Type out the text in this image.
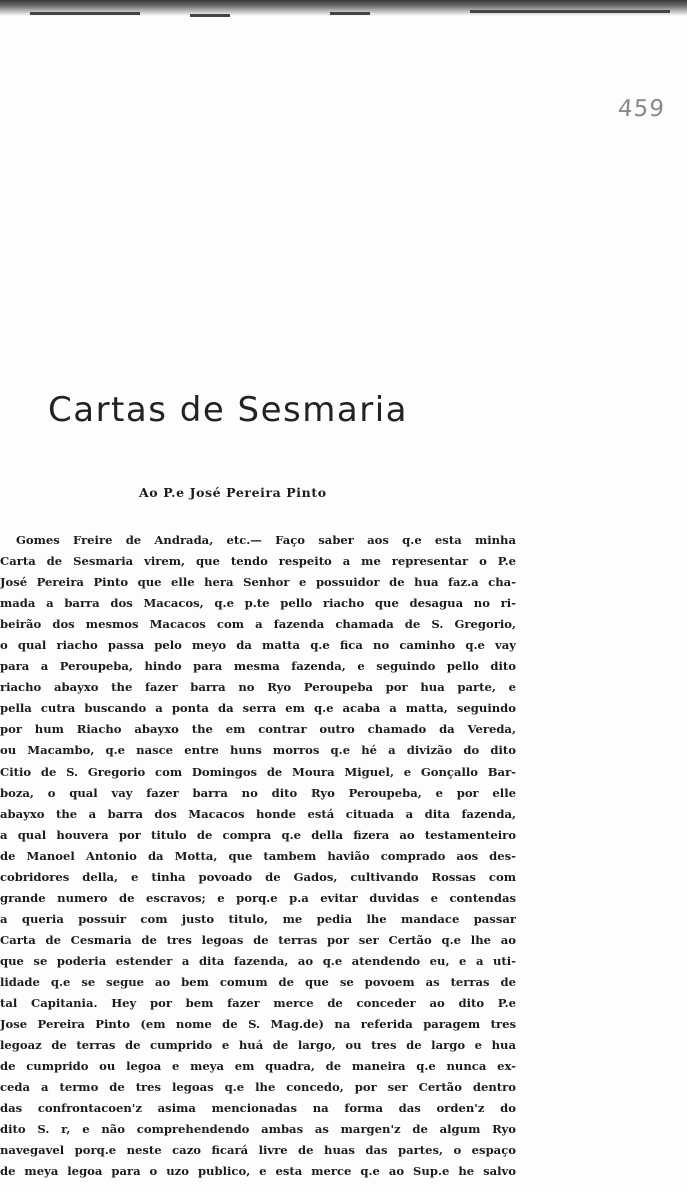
459
Cartas de Sesmaria

Ao P.e José Pereira Pinto

Gomes Freire de Andrada, etc.— Faço saber aos q.e esta minha
Carta de Sesmaria virem, que tendo respeito a me representar o P.e
José Pereira Pinto que elle hera Senhor e possuidor de hua faz.a cha-
mada a barra dos Macacos, q.e p.te pello riacho que desagua no ri-
beirão dos mesmos Macacos com a fazenda chamada de S. Gregorio,
o qual riacho passa pelo meyo da matta q.e fica no caminho q.e vay
para a Peroupeba, hindo para mesma fazenda, e seguindo pello dito
riacho abayxo the fazer barra no Ryo Peroupeba por hua parte, e
pella cutra buscando a ponta da serra em q.e acaba a matta, seguindo
por hum Riacho abayxo the em contrar outro chamado da Vereda,
ou Macambo, q.e nasce entre huns morros q.e hé a divizão do dito
Citio de S. Gregorio com Domingos de Moura Miguel, e Gonçallo Bar-
boza, o qual vay fazer barra no dito Ryo Peroupeba, e por elle
abayxo the a barra dos Macacos honde está cituada a dita fazenda,
a qual houvera por titulo de compra q.e della fizera ao testamenteiro
de Manoel Antonio da Motta, que tambem havião comprado aos des-
cobridores della, e tinha povoado de Gados, cultivando Rossas com
grande numero de escravos; e porq.e p.a evitar duvidas e contendas
a queria possuir com justo titulo, me pedia lhe mandace passar
Carta de Cesmaria de tres legoas de terras por ser Certão q.e lhe ao
que se poderia estender a dita fazenda, ao q.e atendendo eu, e a uti-
lidade q.e se segue ao bem comum de que se povoem as terras de
tal Capitania. Hey por bem fazer merce de conceder ao dito P.e
Jose Pereira Pinto (em nome de S. Mag.de) na referida paragem tres
legoaz de terras de cumprido e huá de largo, ou tres de largo e hua
de cumprido ou legoa e meya em quadra, de maneira q.e nunca ex-
ceda a termo de tres legoas q.e lhe concedo, por ser Certão dentro
das confrontacoen'z asima mencionadas na forma das orden'z do
dito S. r, e não comprehendendo ambas as margen'z de algum Ryo
navegavel porq.e neste cazo ficará livre de huas das partes, o espaço
de meya legoa para o uzo publico, e esta merce q.e ao Sup.e he salvo
